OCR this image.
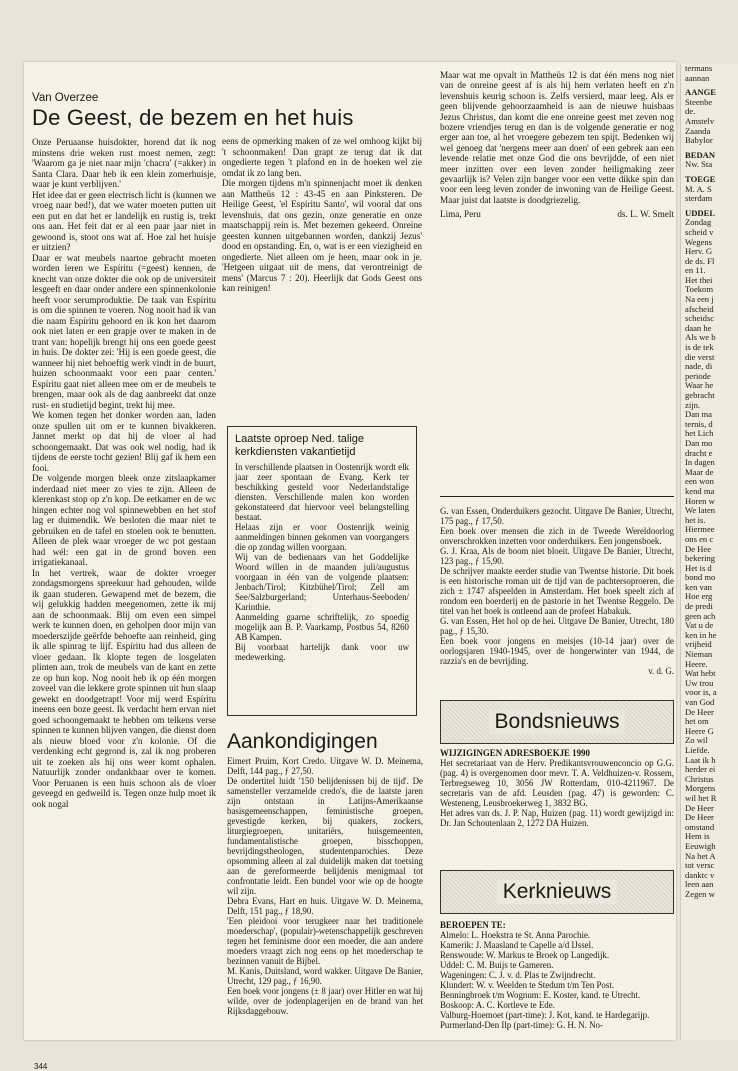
Van Overzee
De Geest, de bezem en het huis

Onze Peruaanse huisdokter, horend dat ik nog minstens drie weken rust moest nemen, zegt: 'Waarom ga je niet naar mijn 'chacra' (=akker) in Santa Clara. Daar heb ik een klein zomerhuisje, waar je kunt verblijven.'

Het idee dat er geen electrisch licht is (kunnen we vroeg naar bed!), dat we water moeten putten uit een put en dat het er landelijk en rustig is, trekt ons aan. Het feit dat er al een paar jaar niet in gewoond is, stoot ons wat af. Hoe zal het huisje er uitzien?

Daar er wat meubels naartoe gebracht moeten worden leren we Espíritu (=geest) kennen, de knecht van onze dokter die ook op de universiteit lesgeeft en daar onder andere een spinnenkolonie heeft voor serumproduktie. De taak van Espíritu is om die spinnen te voeren. Nog nooit had ik van die naam Espíritu gehoord en ik kon het daarom ook niet laten er een grapje over te maken in de trant van: hopelijk brengt hij ons een goede geest in huis. De dokter zei: 'Hij is een goede geest, die wanneer hij niet behoeftig werk vindt in de buurt, huizen schoonmaakt voor een paar centen.' Espíritu gaat niet alleen mee om er de meubels te brengen, maar ook als de dag aanbreekt dat onze rust- en studietijd begint, trekt hij mee.

We komen tegen het donker worden aan, laden onze spullen uit om er te kunnen bivakkeren. Jannet merkt op dat hij de vloer al had schoongemaakt. Dat was ook wel nodig, had ik tijdens de eerste tocht gezien! Blij gaf ik hem een fooi.

De volgende morgen bleek onze zitslaapkamer inderdaad niet meer zo vies te zijn. Alleen de klerenkast stop op z'n kop. De eetkamer en de wc hingen echter nog vol spinnewebben en het stof lag er duimendik. We besloten die maar niet te gebruiken en de tafel en stoelen ook te benutten. Alleen de plek waar vroeger de wc pot gestaan had wél: een gat in de grond boven een irrigatiekanaal.

In het vertrek, waar de dokter vroeger zondagsmorgens spreekuur had gehouden, wilde ik gaan studeren. Gewapend met de bezem, die wij gelukkig hadden meegenomen, zette ik mij aan de schoonmaak. Blij om even een simpel werk te kunnen doen, en geholpen door mijn van moederszijde geërfde behoefte aan reinheid, ging ik alle spinrag te lijf. Espíritu had dus alleen de vloer gedaan. Ik klopte tegen de losgelaten plinten aan, trok de meubels van de kant en zette ze op hun kop. Nog nooit heb ik op één morgen zoveel van die lekkere grote spinnen uit hun slaap gewekt en doodgetrapt! Voor mij werd Espíritu ineens een boze geest. Ik verdacht hem ervan niet goed schoongemaakt te hebben om telkens verse spinnen te kunnen blijven vangen, die dienst doen als nieuw bloed voor z'n kolonie. Of die verdenking echt gegrond is, zal ik nog proberen uit te zoeken als hij ons weer komt ophalen. Natuurlijk zonder ondankbaar over te komen. Voor Peruanen is een huis schoon als de vloer geveegd en gedweild is. Tegen onze hulp moet ik ook nogal

eens de opmerking maken of ze wel omhoog kijkt bij 't schoonmaken! Dan grapt ze terug dat ik dat ongedierte tegen 't plafond en in de hoeken wel zie omdat ik zo lang ben.

Die morgen tijdens m'n spinnenjacht moet ik denken aan Mattheüs 12 : 43-45 en aan Pinksteren. De Heilige Geest, 'el Espíritu Santo', wil vooral dat ons levenshuis, dat ons gezin, onze generatie en onze maatschappij rein is. Met bezemen gekeerd. Onreine geesten kunnen uitgebannen worden, dankzij Jezus' dood en opstanding. En, o, wat is er een viezigheid en ongedierte. Niet alleen om je heen, maar ook in je. 'Hetgeen uitgaat uit de mens, dat verontreinigt de mens' (Marcus 7 : 20). Heerlijk dat Gods Geest ons kan reinigen!

Maar wat me opvalt in Mattheüs 12 is dat één mens nog niet van de onreine geest af is als hij hem verlaten heeft en z'n levenshuis keurig schoon is. Zelfs versierd, maar leeg. Als er geen blijvende gehoorzaamheid is aan de nieuwe huisbaas Jezus Christus, dan komt die ene onreine geest met zeven nog bozere vriendjes terug en dan is de volgende generatie er nog erger aan toe, al het vroegere gebezem ten spijt. Bedenken wij wel genoeg dat 'nergens meer aan doen' of een gebrek aan een levende relatie met onze God die ons bevrijdde, of een niet meer inzitten over een leven zonder heiligmaking zeer gevaarlijk is? Velen zijn banger voor een vette dikke spin dan voor een leeg leven zonder de inwoning van de Heilige Geest. Maar juist dat laatste is doodgriezelig.

Lima, Peru	ds. L. W. Smelt
Laatste oproep Ned. talige kerkdiensten vakantietijd

In verschillende plaatsen in Oostenrijk wordt elk jaar zeer spontaan de Evang. Kerk ter beschikking gesteld voor Nederlandstalige diensten. Verschillende malen kon worden gekonstateerd dat hiervoor veel belangstelling bestaat.

Helaas zijn er voor Oostenrijk weinig aanmeldingen binnen gekomen van voorgangers die op zondag willen voorgaan.

Wij van de bedienaars van het Goddelijke Woord willen in de maanden juli/augustus voorgaan in één van de volgende plaatsen: Jenbach/Tirol; Kitzbühel/Tirol; Zell am See/Salzburgerland; Unterhaus-Seeboden/ Karinthie.

Aanmelding gaarne schriftelijk, zo spoedig mogelijk aan B. P. Vaarkamp, Postbus 54, 8260 AB Kampen.

Bij voorbaat hartelijk dank voor uw medewerking.

Aankondigingen

Eimert Pruim, Kort Credo. Uitgave W. D. Meinema, Delft, 144 pag., ƒ 27,50.

De ondertitel luidt '150 belijdenissen bij de tijd'. De samensteller verzamelde credo's, die de laatste jaren zijn ontstaan in Latijns-Amerikaanse basisgemeenschappen, feministische groepen, gevestigde kerken, bij quakers, zockers, liturgiegroepen, unitariërs, huisgemeenten, fundamentalistische groepen, bisschoppen, bevrijdingstheologen, studentenparochies. Deze opsomming alleen al zal duidelijk maken dat toetsing aan de gereformeerde belijdenis menigmaal tot confrontatie leidt. Een bundel voor wie op de hoogte wil zijn.

Debra Evans, Hart en huis. Uitgave W. D. Meinema, Delft, 151 pag., ƒ 18,90.

'Een pleidooi voor terugkeer naar het traditionele moederschap', (populair)-wetenschappelijk geschreven tegen het feminisme door een moeder, die aan andere moeders vraagt zich nog eens op het moederschap te bezinnen vanuit de Bijbel.

M. Kanis, Duitsland, word wakker. Uitgave De Banier, Utrecht, 129 pag., ƒ 16,90.

Een boek voor jongens (± 8 jaar) over Hitler en wat hij wilde, over de jodenplagerijen en de brand van het Rijksdaggebouw.

G. van Essen, Onderduikers gezocht. Uitgave De Banier, Utrecht, 175 pag., ƒ 17,50.

Een boek over mensen die zich in de Tweede Wereldoorlog onverschrokken inzetten voor onderduikers. Een jongensboek.

G. J. Kraa, Als de boom niet bloeit. Uitgave De Banier, Utrecht, 123 pag., ƒ 15,90.

De schrijver maakte eerder studie van Twentse historie. Dit boek is een historische roman uit de tijd van de pachtersoproeren, die zich ± 1747 afspeelden in Amsterdam. Het boek speelt zich af rondom een boerderij en de pastorie in het Twentse Reggelo. De titel van het boek is ontleend aan de profeet Habakuk.

G. van Essen, Het hol op de hei. Uitgave De Banier, Utrecht, 180 pag., ƒ 15,30.

Een boek voor jongens en meisjes (10-14 jaar) over de oorlogsjaren 1940-1945, over de hongerwinter van 1944, de razzia's en de bevrijding.

v. d. G.

Bondsnieuws

WIJZIGINGEN ADRESBOEKJE 1990

Het secretariaat van de Herv. Predikantsvrouwenconcio op G.G. (pag. 4) is overgenomen door mevr. T. A. Veldhuizen-v. Rossem, Terbregseweg 10, 3056 JW Rotterdam, 010-4211967. De secretaris van de afd. Leusden (pag. 47) is geworden: C. Westeneng, Leusbroekerweg 1, 3832 BG.

Het adres van ds. J. P. Nap, Huizen (pag. 11) wordt gewijzigd in: Dr. Jan Schoutenlaan 2, 1272 DA Huizen.

Kerknieuws

BEROEPEN TE:

Almelo: L. Hoekstra te St. Anna Parochie.

Kamerik: J. Maasland te Capelle a/d IJssel.

Renswoude: W. Markus te Broek op Langedijk.

Uddel: C. M. Buijs te Gameren.

Wageningen: C. J. v. d. Plas te Zwijndrecht.

Klundert: W. v. Weelden te Stedum t/m Ten Post.

Benningbroek t/m Wognum: E. Koster, kand. te Utrecht.

Boskoop: A. C. Kortleve te Ede.

Valburg-Hoemoet (part-time): J. Kot, kand. te Hardegarijp.

Purmerland-Den Ilp (part-time): G. H. N. No-

344
termans
aannan
AANGE
Steenbe
de.
Amstelv
Zaanda
Babylor
BEDAN
Nw. Sta
TOEGE
M. A. S
sterdam
UDDEL
Zondag
scheid v
Wegens
Herv. G
de ds. Fl
en 11.
Het thei
Toekom
Na een j
afscheid
scheidsc
daan he
Als we b
is de tek
die verst
nade, di
periode
Waar he
gebracht
zijn.
Dan ma
ternis, d
het Lich
Dan mo
dracht e
In dagen
Maar de
een won
kend ma
Horen w
We laten
het is.
Hiermee
ons en c
De Hee
bekering
Het is d
bond mo
ken van
Hoe erg
de predi
geen ach
Vat u de
ken in he
vrijheid
Nieman
Heere.
Wat hebt
Uw trou
voor is, a
van God
De Heer
het om
Heere G
Zo wil
Liefde.
Laat ik h
herder ei
Christus
Morgens
wil het R
De Heer
De Heer
omstand
Hem is
Eeuwigh
Na het A
tot versc
danktc v
leen aan
Zegen w
